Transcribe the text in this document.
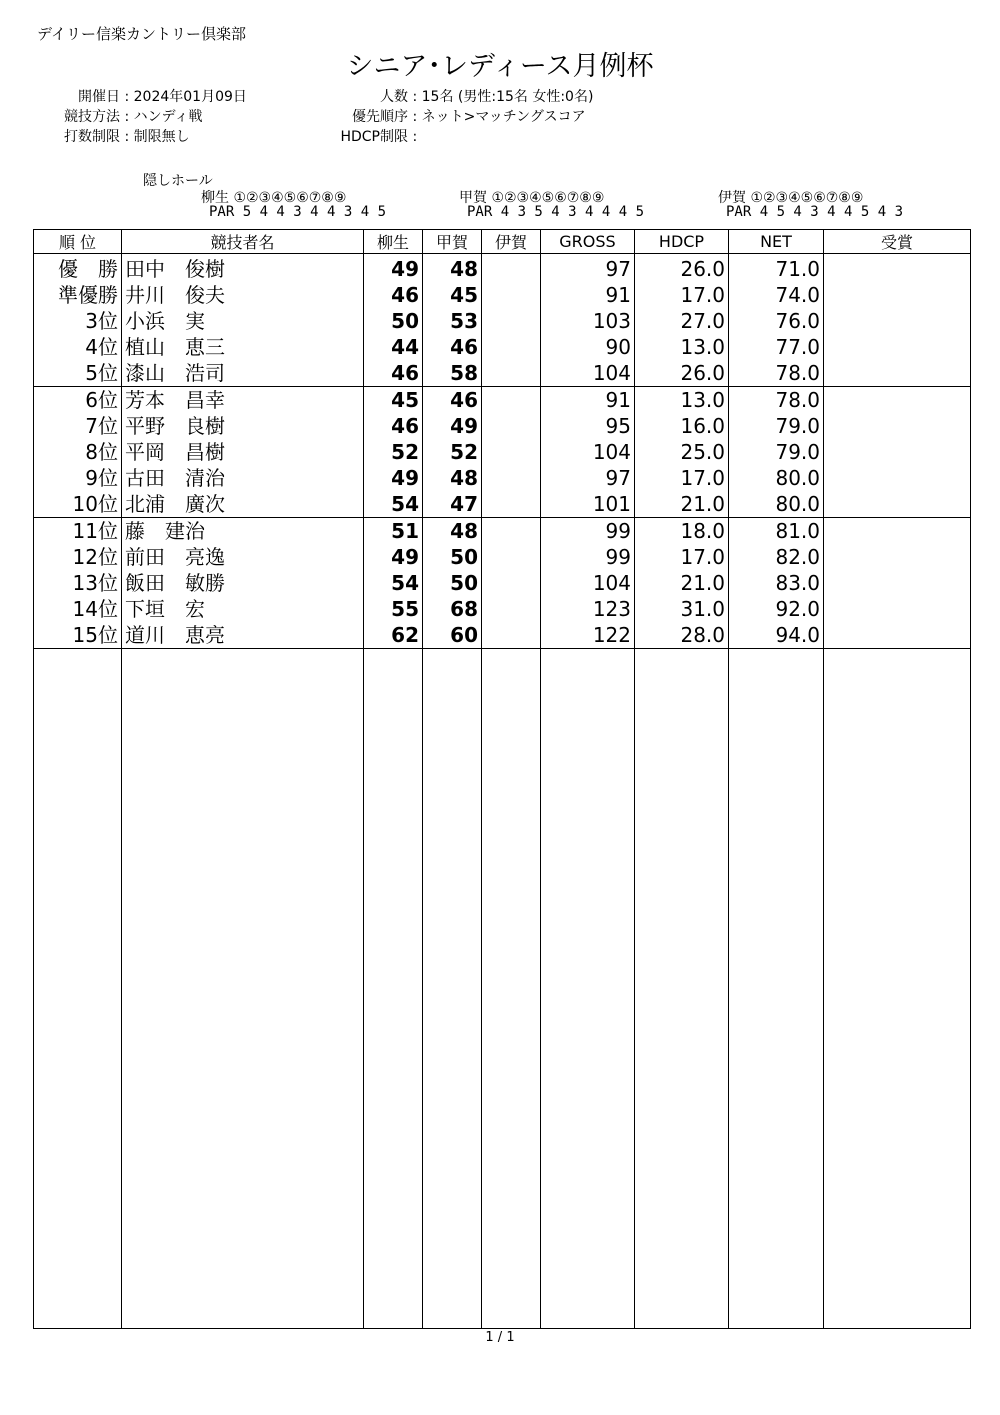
デイリー信楽カントリー倶楽部
シニア･レディース月例杯
開催日 : 2024年01月09日
競技方法 : ハンディ戦
打数制限 : 制限無し
人数 : 15名 (男性:15名 女性:0名)
優先順序 : ネット>マッチングスコア
HDCP制限 :
隠しホール
柳生 ①②③④⑤⑥⑦⑧⑨
PAR 5 4 4 3 4 4 3 4 5
甲賀 ①②③④⑤⑥⑦⑧⑨
PAR 4 3 5 4 3 4 4 4 5
伊賀 ①②③④⑤⑥⑦⑧⑨
PAR 4 5 4 3 4 4 5 4 3
順 位	競技者名	柳生	甲賀	伊賀	GROSS	HDCP	NET	受賞
優　勝	田中　俊樹	49	48		97	26.0	71.0	
準優勝	井川　俊夫	46	45		91	17.0	74.0	
3位	小浜　実	50	53		103	27.0	76.0	
4位	植山　恵三	44	46		90	13.0	77.0	
5位	漆山　浩司	46	58		104	26.0	78.0	
6位	芳本　昌幸	45	46		91	13.0	78.0	
7位	平野　良樹	46	49		95	16.0	79.0	
8位	平岡　昌樹	52	52		104	25.0	79.0	
9位	古田　清治	49	48		97	17.0	80.0	
10位	北浦　廣次	54	47		101	21.0	80.0	
11位	藤　建治	51	48		99	18.0	81.0	
12位	前田　亮逸	49	50		99	17.0	82.0	
13位	飯田　敏勝	54	50		104	21.0	83.0	
14位	下垣　宏	55	68		123	31.0	92.0	
15位	道川　恵亮	62	60		122	28.0	94.0	

1 / 1
